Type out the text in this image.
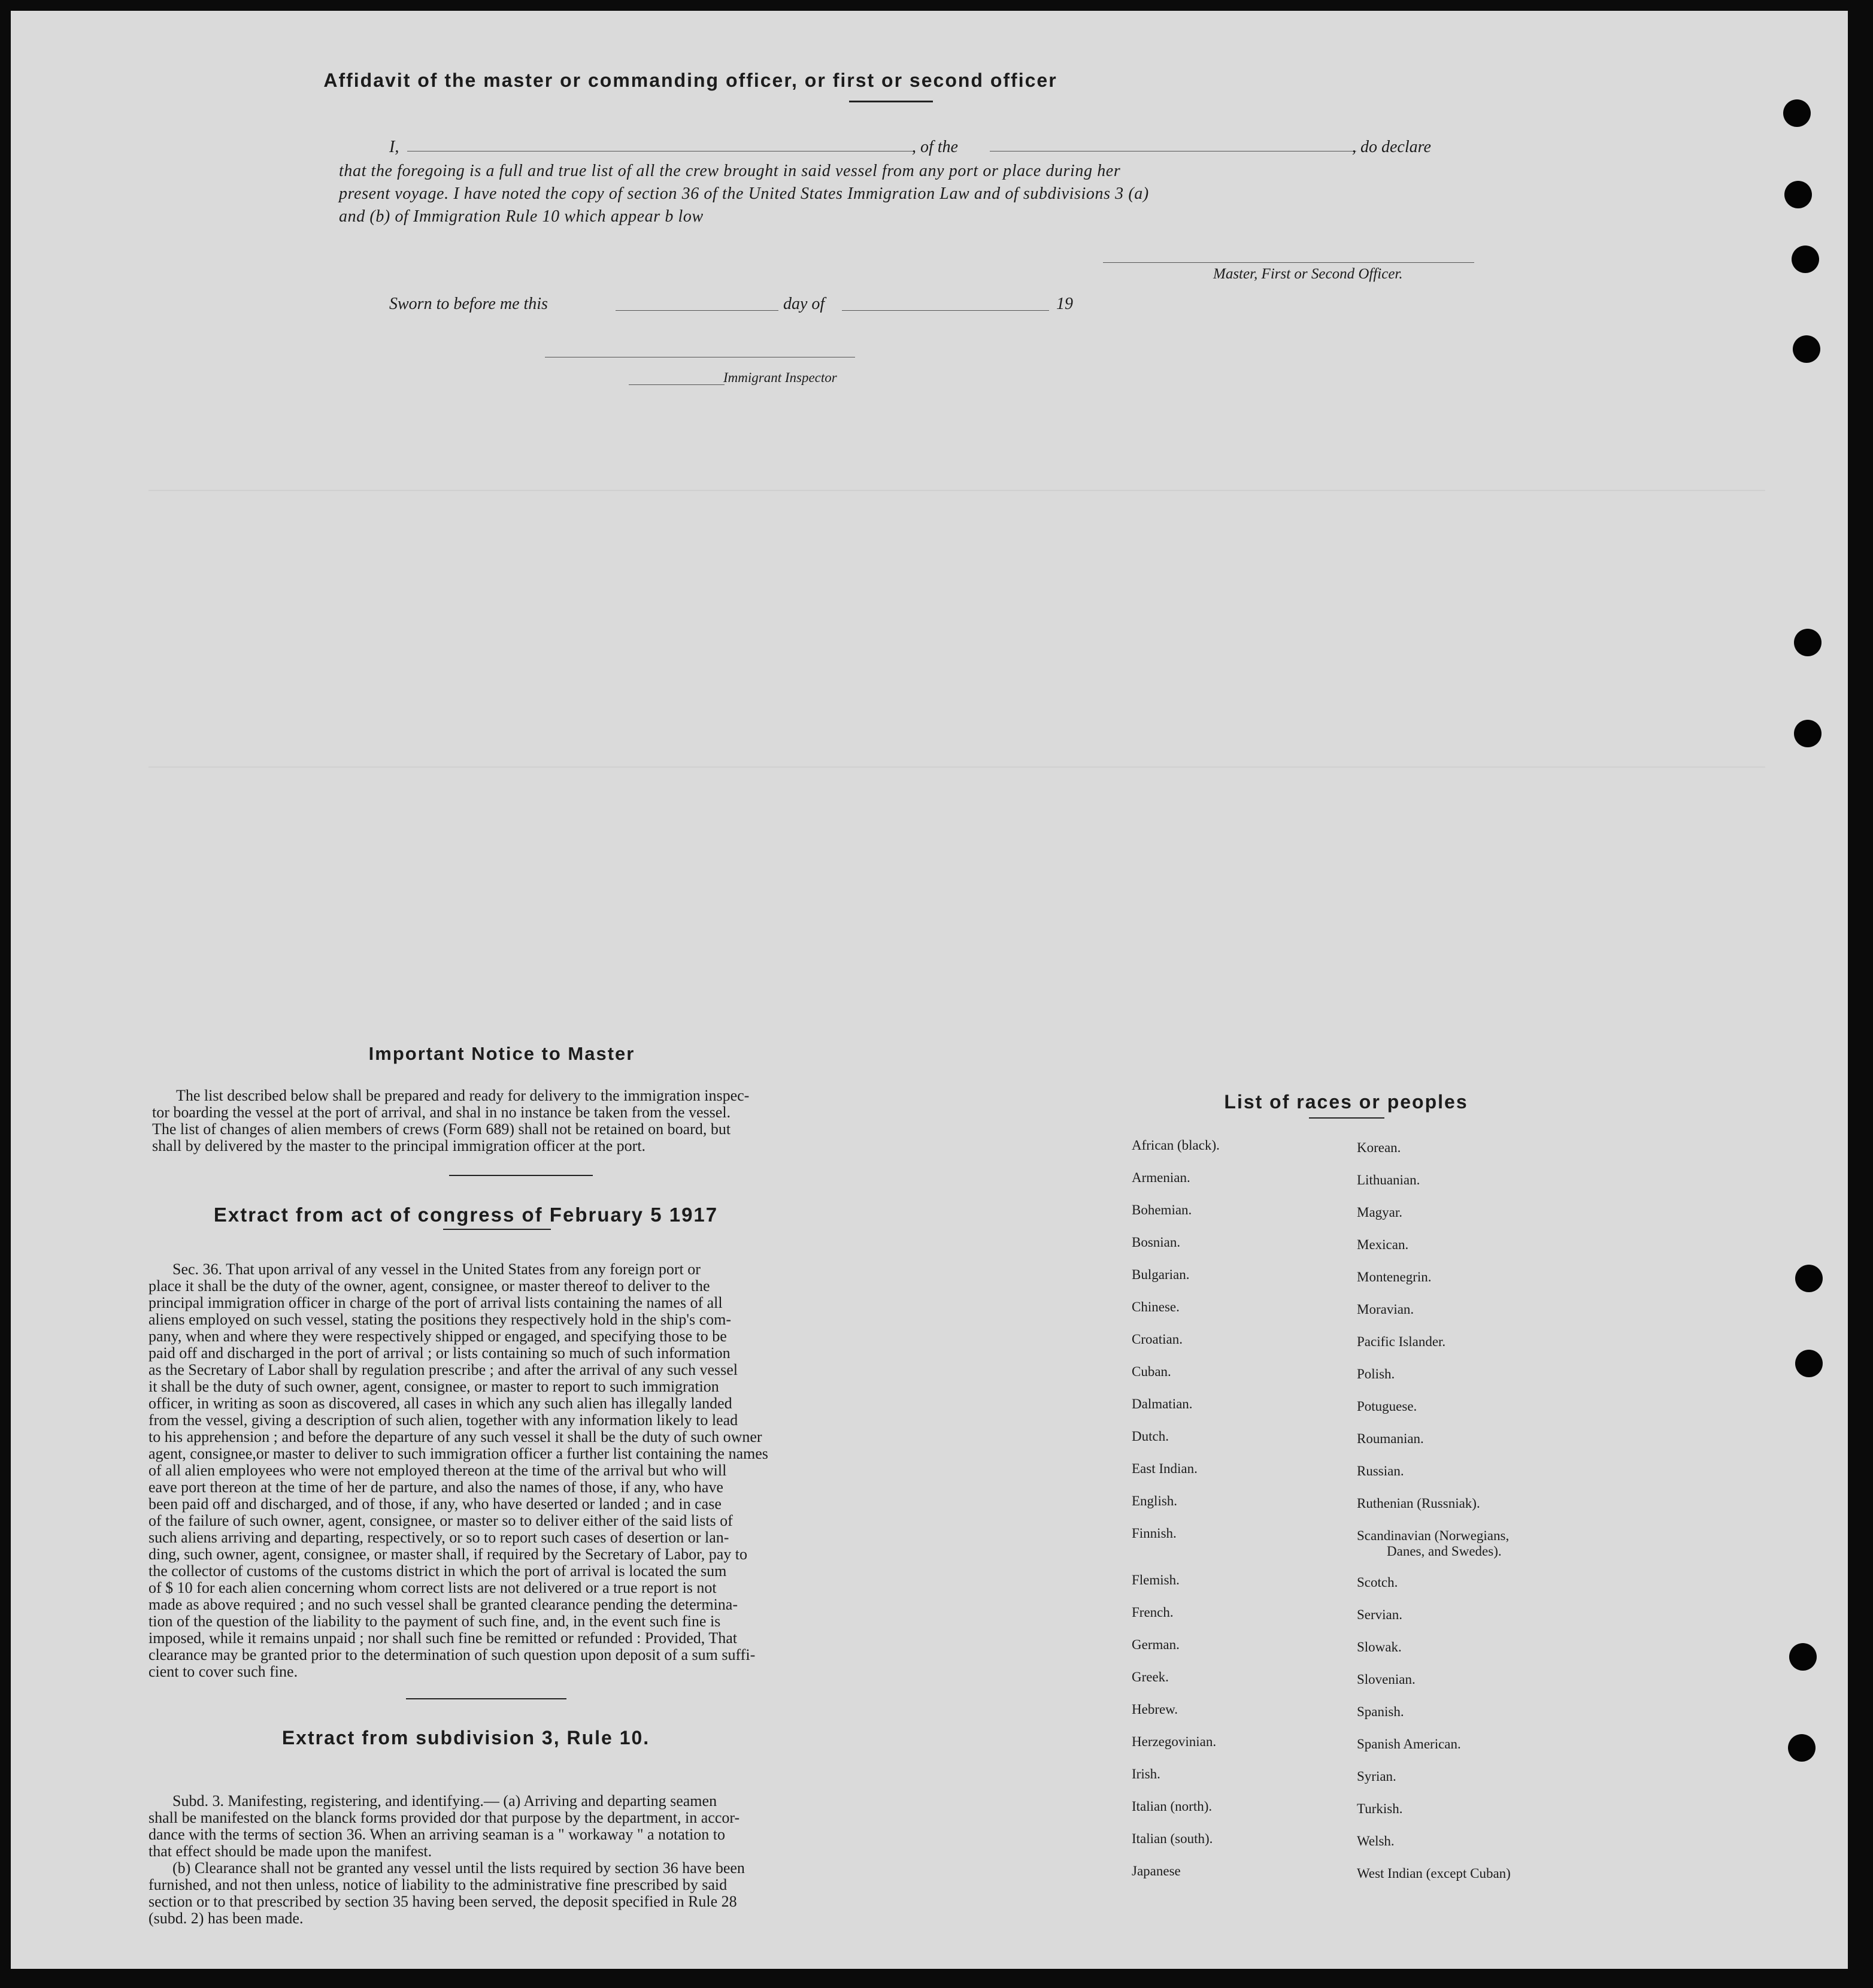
Affidavit of the master or commanding officer, or first or second officer
I,	, of the	, do declare
that the foregoing is a full and true list of all the crew brought in said vessel from any port or place during her
present voyage. I have noted the copy of section 36 of the United States Immigration Law and of subdivisions 3 (a)
and (b) of Immigration Rule 10 which appear b low
Master, First or Second Officer.
Sworn to before me this	day of	19
Immigrant Inspector
Important Notice to Master

The list described below shall be prepared and ready for delivery to the immigration inspec-

tor boarding the vessel at the port of arrival, and shal in no instance be taken from the vessel.

The list of changes of alien members of crews (Form 689) shall not be retained on board, but

shall by delivered by the master to the principal immigration officer at the port.

Extract from act of congress of February 5 1917

Sec. 36. That upon arrival of any vessel in the United States from any foreign port or

place it shall be the duty of the owner, agent, consignee, or master thereof to deliver to the

principal immigration officer in charge of the port of arrival lists containing the names of all

aliens employed on such vessel, stating the positions they respectively hold in the ship's com-

pany, when and where they were respectively shipped or engaged, and specifying those to be

paid off and discharged in the port of arrival ; or lists containing so much of such information

as the Secretary of Labor shall by regulation prescribe ; and after the arrival of any such vessel

it shall be the duty of such owner, agent, consignee, or master to report to such immigration

officer, in writing as soon as discovered, all cases in which any such alien has illegally landed

from the vessel, giving a description of such alien, together with any information likely to lead

to his apprehension ; and before the departure of any such vessel it shall be the duty of such owner

agent, consignee,or master to deliver to such immigration officer a further list containing the names

of all alien employees who were not employed thereon at the time of the arrival but who will

eave port thereon at the time of her de parture, and also the names of those, if any, who have

been paid off and discharged, and of those, if any, who have deserted or landed ; and in case

of the failure of such owner, agent, consignee, or master so to deliver either of the said lists of

such aliens arriving and departing, respectively, or so to report such cases of desertion or lan-

ding, such owner, agent, consignee, or master shall, if required by the Secretary of Labor, pay to

the collector of customs of the customs district in which the port of arrival is located the sum

of $ 10 for each alien concerning whom correct lists are not delivered or a true report is not

made as above required ; and no such vessel shall be granted clearance pending the determina-

tion of the question of the liability to the payment of such fine, and, in the event such fine is

imposed, while it remains unpaid ; nor shall such fine be remitted or refunded : Provided, That

clearance may be granted prior to the determination of such question upon deposit of a sum suffi-

cient to cover such fine.

Extract from subdivision 3, Rule 10.

Subd. 3. Manifesting, registering, and identifying.— (a) Arriving and departing seamen

shall be manifested on the blanck forms provided dor that purpose by the department, in accor-

dance with the terms of section 36. When an arriving seaman is a " workaway " a notation to

that effect should be made upon the manifest.

(b) Clearance shall not be granted any vessel until the lists required by section 36 have been

furnished, and not then unless, notice of liability to the administrative fine prescribed by said

section or to that prescribed by section 35 having been served, the deposit specified in Rule 28

(subd. 2) has been made.

List of races or peoples
African (black).
Armenian.
Bohemian.
Bosnian.
Bulgarian.
Chinese.
Croatian.
Cuban.
Dalmatian.
Dutch.
East Indian.
English.
Finnish.
Flemish.
French.
German.
Greek.
Hebrew.
Herzegovinian.
Irish.
Italian (north).
Italian (south).
Japanese
Korean.
Lithuanian.
Magyar.
Mexican.
Montenegrin.
Moravian.
Pacific Islander.
Polish.
Potuguese.
Roumanian.
Russian.
Ruthenian (Russniak).
Scandinavian (Norwegians,
Danes, and Swedes).
Scotch.
Servian.
Slowak.
Slovenian.
Spanish.
Spanish American.
Syrian.
Turkish.
Welsh.
West Indian (except Cuban)
